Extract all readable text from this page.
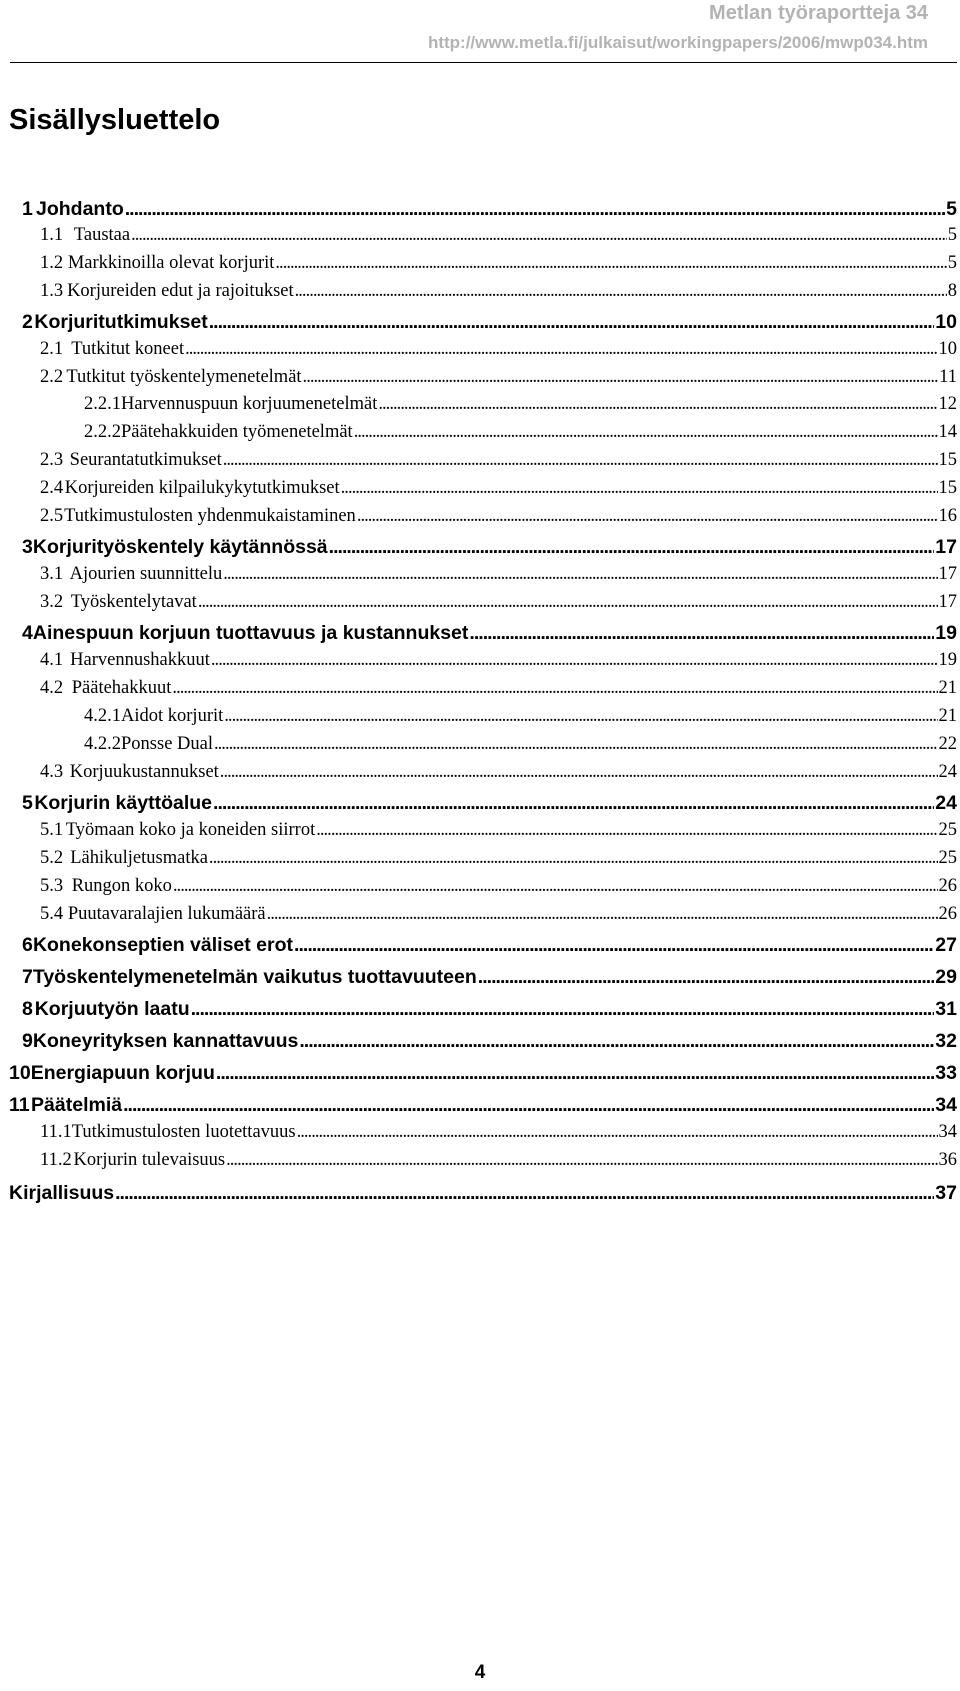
Metlan työraportteja 34
http://www.metla.fi/julkaisut/workingpapers/2006/mwp034.htm
Sisällysluettelo
1 Johdanto . . .	5
1.1 Taustaa . . .	5
1.2 Markkinoilla olevat korjurit . . .	5
1.3 Korjureiden edut ja rajoitukset . . .	8
2 Korjuritutkimukset . . .	10
2.1 Tutkitut koneet . . .	10
2.2 Tutkitut työskentelymenetelmät . . .	11
2.2.1 Harvennuspuun korjuumenetelmät . . .	12
2.2.2 Päätehakkuiden työmenetelmät . . .	14
2.3 Seurantatutkimukset . . .	15
2.4 Korjureiden kilpailukykytutkimukset . . .	15
2.5 Tutkimustulosten yhdenmukaistaminen . . .	16
3 Korjurityöskentely käytännössä . . .	17
3.1 Ajourien suunnittelu . . .	17
3.2 Työskentelytavat . . .	17
4 Ainespuun korjuun tuottavuus ja kustannukset . . .	19
4.1 Harvennushakkuut . . .	19
4.2 Päätehakkuut . . .	21
4.2.1 Aidot korjurit . . .	21
4.2.2 Ponsse Dual . . .	22
4.3 Korjuukustannukset . . .	24
5 Korjurin käyttöalue . . .	24
5.1 Työmaan koko ja koneiden siirrot . . .	25
5.2 Lähikuljetusmatka . . .	25
5.3 Rungon koko . . .	26
5.4 Puutavaralajien lukumäärä . . .	26
6 Konekonseptien väliset erot . . .	27
7 Työskentelymenetelmän vaikutus tuottavuuteen . . .	29
8 Korjuutyön laatu . . .	31
9 Koneyrityksen kannattavuus . . .	32
10 Energiapuun korjuu . . .	33
11 Päätelmiä . . .	34
11.1 Tutkimustulosten luotettavuus . . .	34
11.2 Korjurin tulevaisuus . . .	36
Kirjallisuus . . .	37
4
